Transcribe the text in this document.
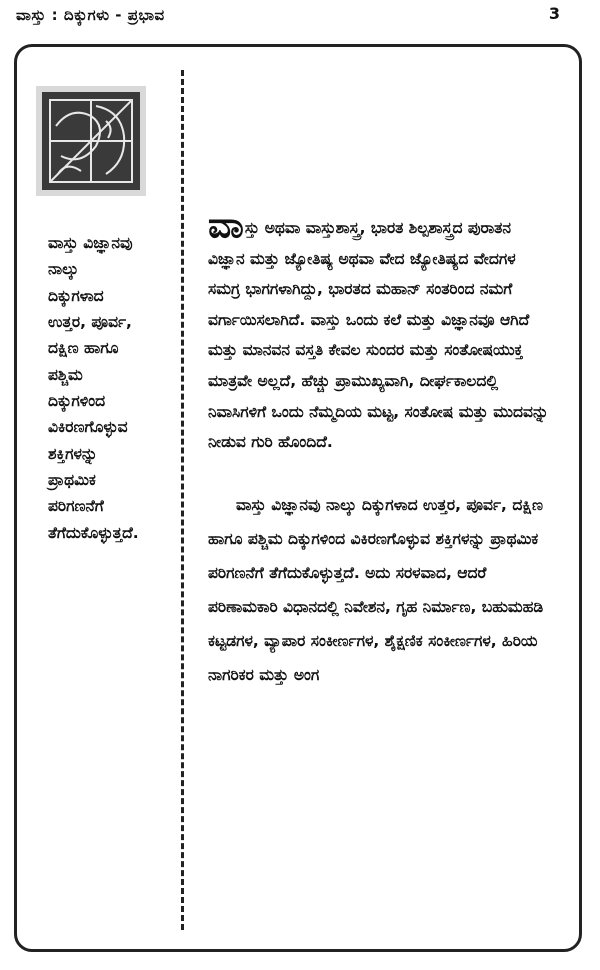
ವಾಸ್ತು : ದಿಕ್ಕುಗಳು - ಪ್ರಭಾವ	3
ವಾಸ್ತು ವಿಜ್ಞಾನವು
ನಾಲ್ಕು
ದಿಕ್ಕುಗಳಾದ
ಉತ್ತರ, ಪೂರ್ವ,
ದಕ್ಷಿಣ ಹಾಗೂ
ಪಶ್ಚಿಮ
ದಿಕ್ಕುಗಳಿಂದ
ವಿಕಿರಣಗೊಳ್ಳುವ
ಶಕ್ತಿಗಳನ್ನು
ಪ್ರಾಥಮಿಕ
ಪರಿಗಣನೆಗೆ
ತೆಗೆದುಕೊಳ್ಳುತ್ತದೆ.

ವಾಸ್ತು ಅಥವಾ ವಾಸ್ತುಶಾಸ್ತ್ರ, ಭಾರತ ಶಿಲ್ಪಶಾಸ್ತ್ರದ ಪುರಾತನ ವಿಜ್ಞಾನ ಮತ್ತು ಜ್ಯೋತಿಷ್ಯ ಅಥವಾ ವೇದ ಜ್ಯೋತಿಷ್ಯದ ವೇದಗಳ ಸಮಗ್ರ ಭಾಗಗಳಾಗಿದ್ದು, ಭಾರತದ ಮಹಾನ್ ಸಂತರಿಂದ ನಮಗೆ ವರ್ಗಾಯಿಸಲಾಗಿದೆ. ವಾಸ್ತು ಒಂದು ಕಲೆ ಮತ್ತು ವಿಜ್ಞಾನವೂ ಆಗಿದೆ ಮತ್ತು ಮಾನವನ ವಸ್ತತಿ ಕೇವಲ ಸುಂದರ ಮತ್ತು ಸಂತೋಷಯುಕ್ತ ಮಾತ್ರವೇ ಅಲ್ಲದೆ, ಹೆಚ್ಚು ಪ್ರಾಮುಖ್ಯವಾಗಿ, ದೀರ್ಘಕಾಲದಲ್ಲಿ ನಿವಾಸಿಗಳಿಗೆ ಒಂದು ನೆಮ್ಮದಿಯ ಮಟ್ಟ, ಸಂತೋಷ ಮತ್ತು ಮುದವನ್ನು ನೀಡುವ ಗುರಿ ಹೊಂದಿದೆ.

ವಾಸ್ತು ವಿಜ್ಞಾನವು ನಾಲ್ಕು ದಿಕ್ಕುಗಳಾದ ಉತ್ತರ, ಪೂರ್ವ, ದಕ್ಷಿಣ ಹಾಗೂ ಪಶ್ಚಿಮ ದಿಕ್ಕುಗಳಿಂದ ವಿಕಿರಣಗೊಳ್ಳುವ ಶಕ್ತಿಗಳನ್ನು ಪ್ರಾಥಮಿಕ ಪರಿಗಣನೆಗೆ ತೆಗೆದುಕೊಳ್ಳುತ್ತದೆ. ಅದು ಸರಳವಾದ, ಆದರೆ ಪರಿಣಾಮಕಾರಿ ವಿಧಾನದಲ್ಲಿ ನಿವೇಶನ, ಗೃಹ ನಿರ್ಮಾಣ, ಬಹುಮಹಡಿ ಕಟ್ಟಡಗಳ, ವ್ಯಾಪಾರ ಸಂಕೀರ್ಣಗಳ, ಶೈಕ್ಷಣಿಕ ಸಂಕೀರ್ಣಗಳ, ಹಿರಿಯ ನಾಗರಿಕರ ಮತ್ತು ಅಂಗ
